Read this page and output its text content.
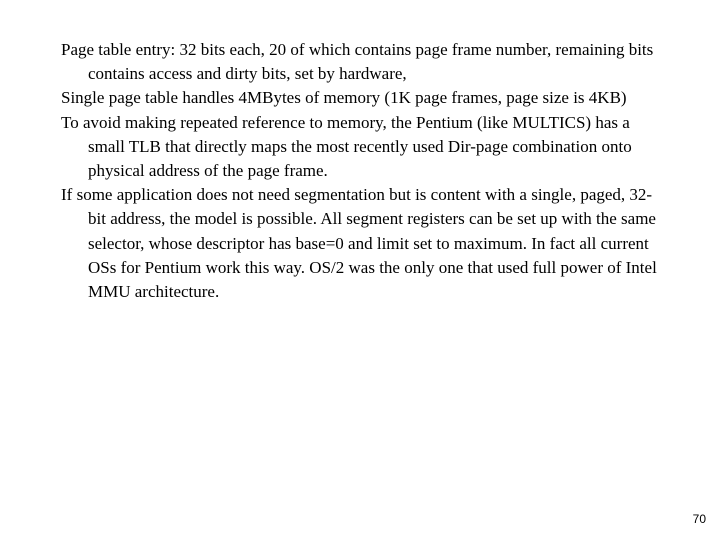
Page table entry: 32 bits each, 20 of which contains page frame number, remaining bits contains access and dirty bits, set by hardware,

Single page table handles 4MBytes of memory (1K page frames, page size is 4KB)

To avoid making repeated reference to memory, the Pentium (like MULTICS) has a small TLB that directly maps the most recently used Dir-page combination onto physical address of the page frame.

If some application does not need segmentation but is content with a single, paged, 32-bit address, the model is possible. All segment registers can be set up with the same selector, whose descriptor has base=0 and limit set to maximum. In fact all current OSs for Pentium work this way. OS/2 was the only one that used full power of Intel MMU architecture.

70
